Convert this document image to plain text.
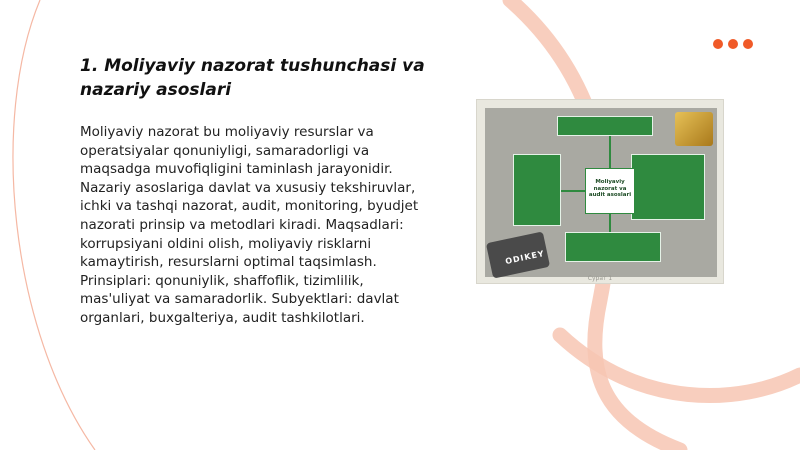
1. Moliyaviy nazorat tushunchasi va nazariy asoslari

Moliyaviy nazorat bu moliyaviy resurslar va operatsiyalar qonuniyligi, samaradorligi va maqsadga muvofiqligini taminlash jarayonidir. Nazariy asoslariga davlat va xususiy tekshiruvlar, ichki va tashqi nazorat, audit, monitoring, byudjet nazorati prinsip va metodlari kiradi. Maqsadlari: korrupsiyani oldini olish, moliyaviy risklarni kamaytirish, resurslarni optimal taqsimlash. Prinsiplari: qonuniylik, shaffoflik, tizimlilik, mas'uliyat va samaradorlik. Subyektlari: davlat organlari, buxgalteriya, audit tashkilotlari.

Moliyaviy nazorat va audit asoslari
ODIKEY
Сурат 1
